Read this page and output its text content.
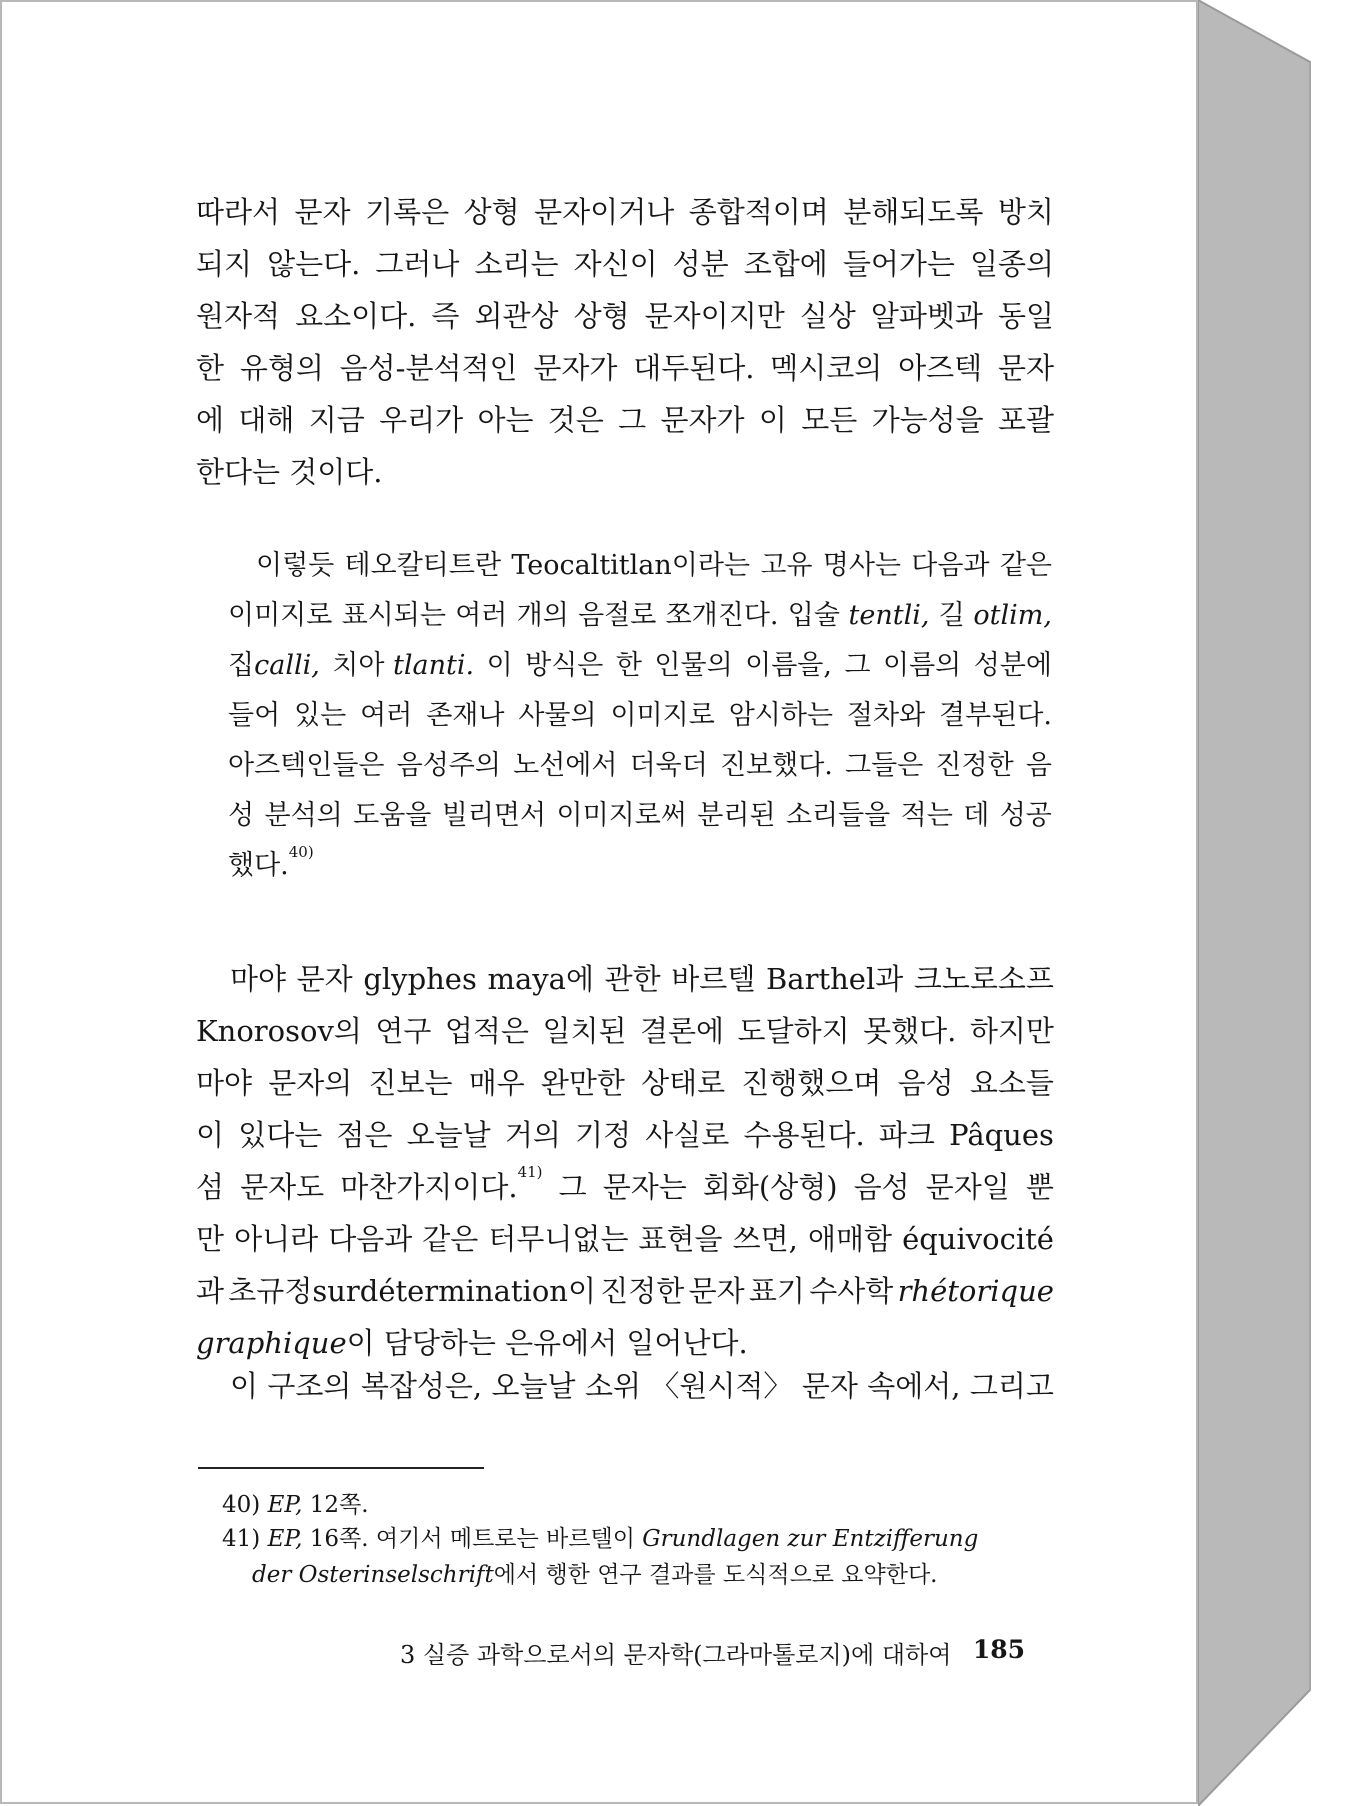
따라서 문자 기록은 상형 문자이거나 종합적이며 분해되도록 방치
되지 않는다. 그러나 소리는 자신이 성분 조합에 들어가는 일종의
원자적 요소이다. 즉 외관상 상형 문자이지만 실상 알파벳과 동일
한 유형의 음성-분석적인 문자가 대두된다. 멕시코의 아즈텍 문자
에 대해 지금 우리가 아는 것은 그 문자가 이 모든 가능성을 포괄
한다는
것이다.
이렇듯 테오칼티트란 Teocaltitlan이라는 고유 명사는 다음과 같은
이미지로 표시되는 여러 개의 음절로 쪼개진다. 입술 tentli, 길 otlim,
집calli, 치아 tlanti. 이 방식은 한 인물의 이름을, 그 이름의 성분에
들어 있는 여러 존재나 사물의 이미지로 암시하는 절차와 결부된다.
아즈텍인들은 음성주의 노선에서 더욱더 진보했다. 그들은 진정한 음
성 분석의 도움을 빌리면서 이미지로써 분리된 소리들을 적는 데 성공
했다.$^{40)}$
마야 문자 glyphes maya에 관한 바르텔 Barthel과 크노로소프
Knorosov의 연구 업적은 일치된 결론에 도달하지 못했다. 하지만
마야 문자의 진보는 매우 완만한 상태로 진행했으며 음성 요소들
이 있다는 점은 오늘날 거의 기정 사실로 수용된다. 파크 Pâques
섬 문자도 마찬가지이다.$^{41)}$ 그 문자는 회화(상형) 음성 문자일 뿐
만 아니라 다음과 같은 터무니없는 표현을 쓰면, 애매함 équivocité
과 초규정surdétermination이 진정한 문자 표기 수사학 rhétorique
graphique 이 담당하는 은유에서 일어난다.
이 구조의 복잡성은, 오늘날 소위 〈원시적〉 문자 속에서, 그리고
40) EP, 12쪽.
41) EP, 16쪽. 여기서 메트로는 바르텔이 Grundlagen zur Entzifferung
der Osterinselschrift에서 행한 연구 결과를 도식적으로 요약한다.
3 실증 과학으로서의 문자학(그라마톨로지)에 대하여 185
